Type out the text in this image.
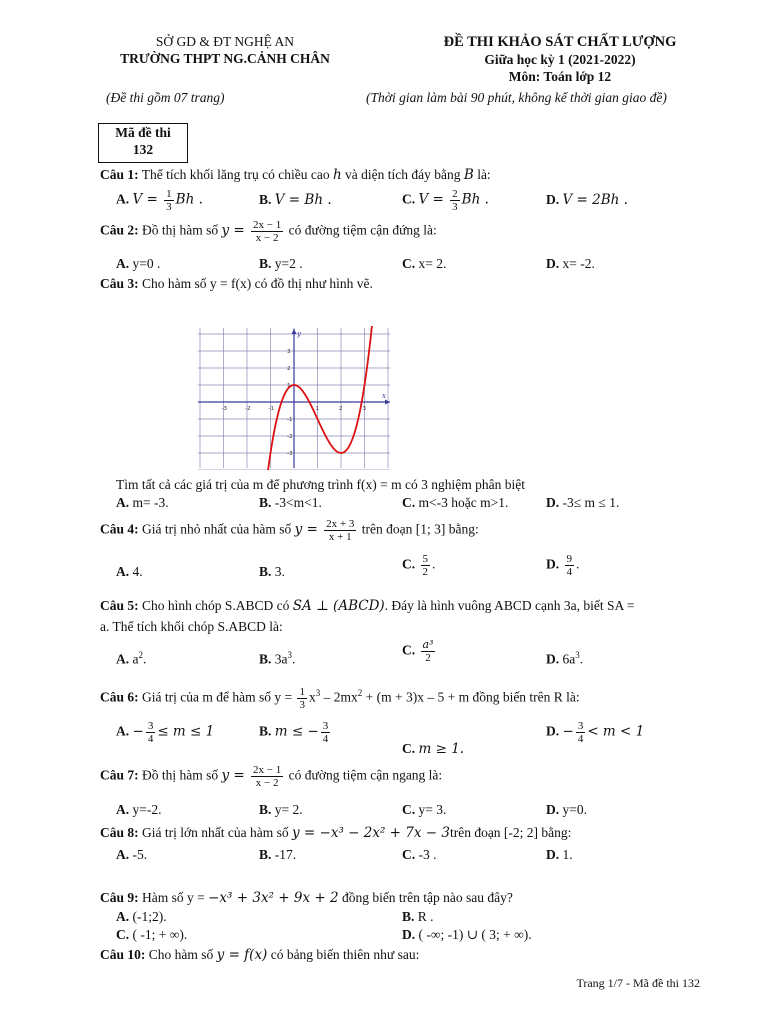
SỞ GD & ĐT NGHỆ AN
TRƯỜNG THPT NG.CẢNH CHÂN
(Đề thi gồm 07 trang)
ĐỀ THI KHẢO SÁT CHẤT LƯỢNG
Giữa học kỳ 1 (2021-2022)
Môn: Toán lớp 12
(Thời gian làm bài 90 phút, không kể thời gian giao đề)
Mã đề thi
132
Câu 1: Thể tích khối lăng trụ có chiều cao h và diện tích đáy bằng B là:
A. $V = \frac{1}{3}$ Bh .	B. V = Bh .	C. $V = \frac{2}{3}$ Bh .	D. V = 2Bh .
Câu 2: Đồ thị hàm số $y = \frac{2x - 1}{x - 2}$ có đường tiệm cận đứng là:
A. y=0 .	B. y=2 .	C. x= 2.	D. x= -2.
Câu 3: Cho hàm số y = f(x) có đồ thị như hình vẽ.
x
y
-3	-2	-1	1	2	3
3
2
1
-1
-2
-3
Tìm tất cả các giá trị của m để phương trình f(x) = m có 3 nghiệm phân biệt
A. m= -3.	B. -3<m<1.	C. m<-3 hoặc m>1.	D. -3≤ m ≤ 1.
Câu 4: Giá trị nhỏ nhất của hàm số $y = \frac{2x + 3}{x + 1}$ trên đoạn [1; 3] bằng:
A. 4.	B. 3.	C. $\frac{5}{2}$ .	D. $\frac{9}{4}$ .
Câu 5: Cho hình chóp S.ABCD có SA ⊥ (ABCD). Đáy là hình vuông ABCD cạnh 3a, biết SA =
a. Thể tích khối chóp S.ABCD là:
A. $a^2$.	B. $3a^3$.
C. $\frac{\text{a³}}{2}$	D. $6a^3$.
Câu 6: Giá trị của m để hàm số $y = \frac{1}{3} x^3 - 2mx^2 + (m + 3)x - 5 + m$ đồng biến trên R là:
A. − $\frac{3}{4} \le m \le 1$	B. m ≤ − $\frac{3}{4}$
C. m ≥ 1.
D. − $\frac{3}{4} < m < 1$
Câu 7: Đồ thị hàm số $y = \frac{2x - 1}{x - 2}$ có đường tiệm cận ngang là:
A. y=-2.	B. y= 2.	C. y= 3.	D. y=0.
Câu 8: Giá trị lớn nhất của hàm số y = −x³ − 2x² + 7x − 3trên đoạn [-2; 2] bằng:
A. -5.	B. -17.	C. -3 .	D. 1.
Câu 9: Hàm số y = −x³ + 3x² + 9x + 2 đồng biến trên tập nào sau đây?
A. (-1;2).	B. R .
C. ( -1; + ∞).	D. ( -∞; -1) ∪ ( 3; + ∞).
Câu 10: Cho hàm số y = f(x) có bảng biến thiên như sau:
Trang 1/7 - Mã đề thi 132
